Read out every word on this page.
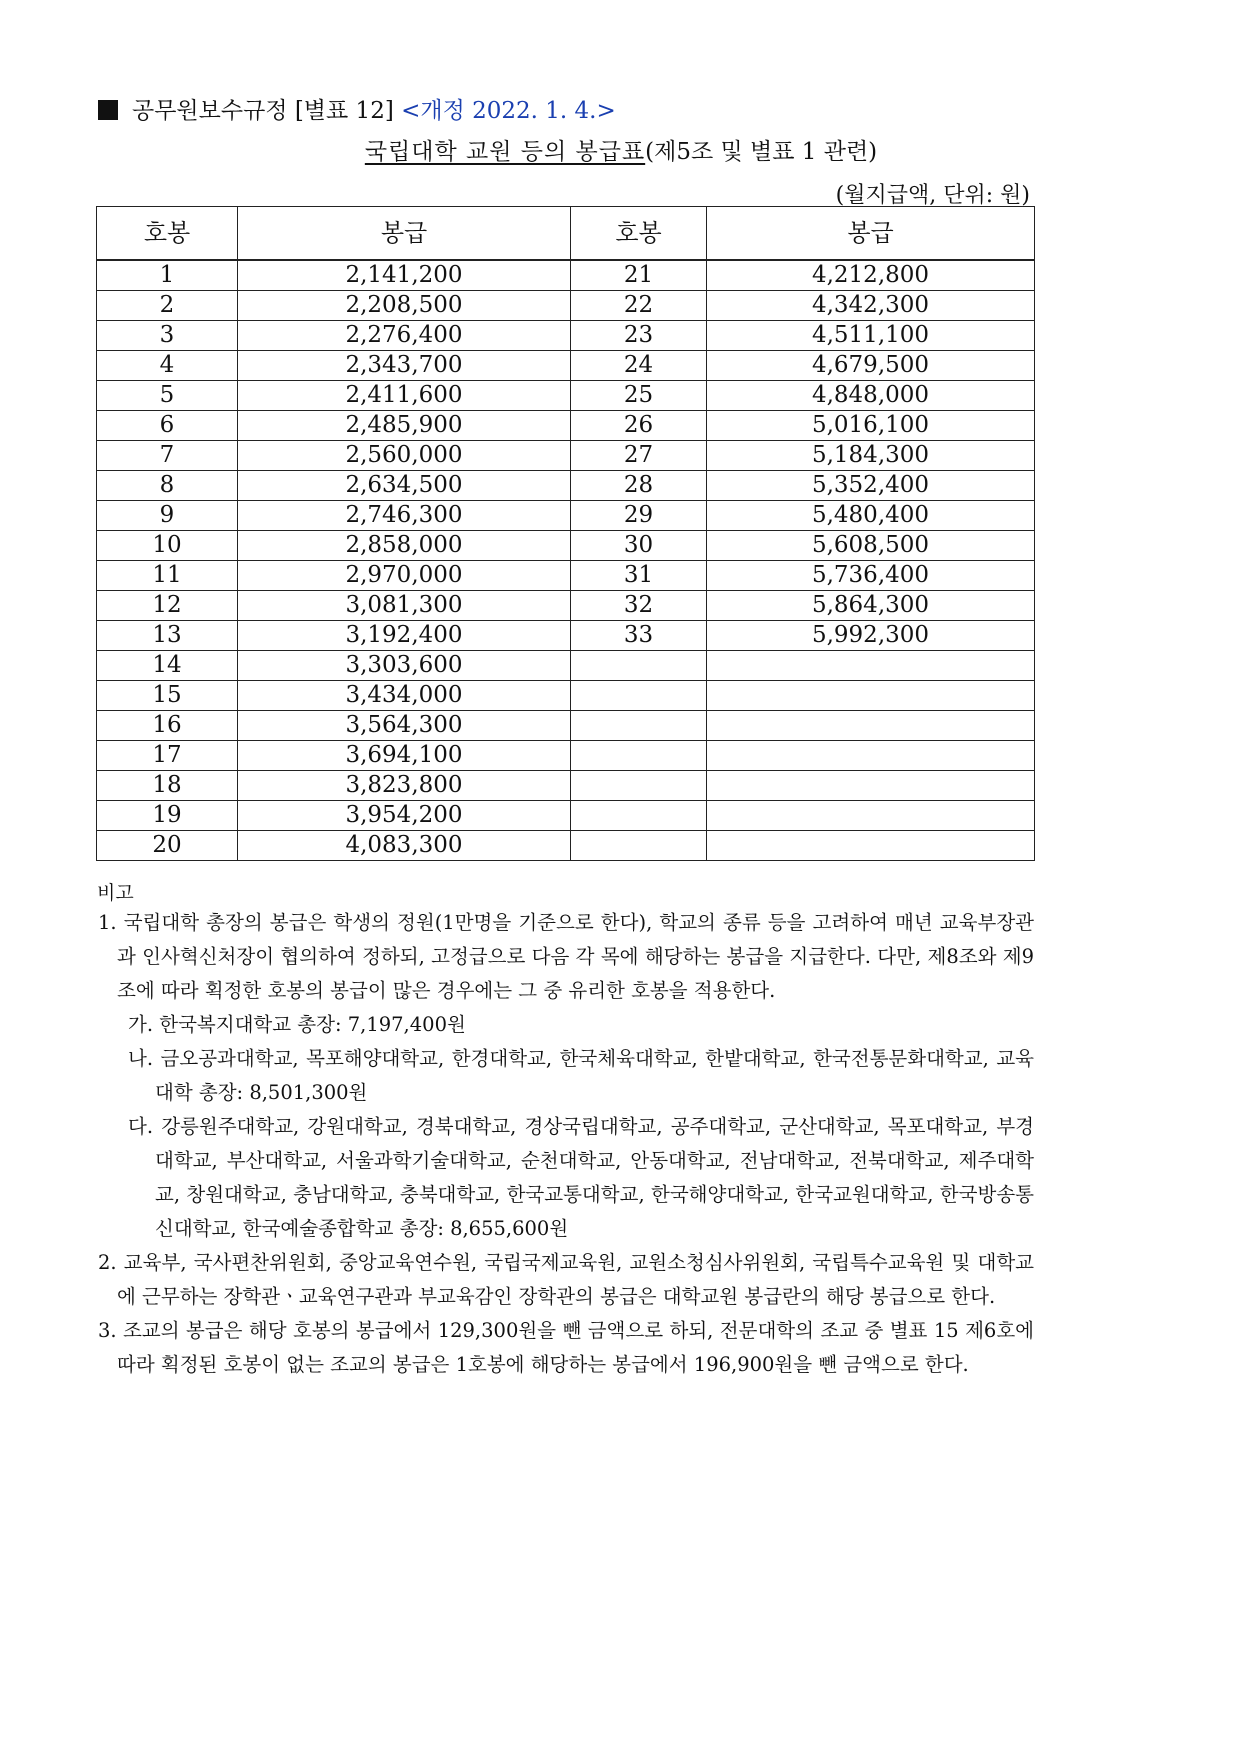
공무원보수규정 [별표 12] <개정 2022. 1. 4.>
국립대학 교원 등의 봉급표(제5조 및 별표 1 관련)
(월지급액, 단위: 원)
호봉	봉급	호봉	봉급
1	2,141,200	21	4,212,800
2	2,208,500	22	4,342,300
3	2,276,400	23	4,511,100
4	2,343,700	24	4,679,500
5	2,411,600	25	4,848,000
6	2,485,900	26	5,016,100
7	2,560,000	27	5,184,300
8	2,634,500	28	5,352,400
9	2,746,300	29	5,480,400
10	2,858,000	30	5,608,500
11	2,970,000	31	5,736,400
12	3,081,300	32	5,864,300
13	3,192,400	33	5,992,300
14	3,303,600		
15	3,434,000		
16	3,564,300		
17	3,694,100		
18	3,823,800		
19	3,954,200		
20	4,083,300		
비고
1. 국립대학 총장의 봉급은 학생의 정원(1만명을 기준으로 한다), 학교의 종류 등을 고려하여 매년 교육부장관과 인사혁신처장이 협의하여 정하되, 고정급으로 다음 각 목에 해당하는 봉급을 지급한다. 다만, 제8조와 제9조에 따라 획정한 호봉의 봉급이 많은 경우에는 그 중 유리한 호봉을 적용한다.
가. 한국복지대학교 총장: 7,197,400원
나. 금오공과대학교, 목포해양대학교, 한경대학교, 한국체육대학교, 한밭대학교, 한국전통문화대학교, 교육대학 총장: 8,501,300원
다. 강릉원주대학교, 강원대학교, 경북대학교, 경상국립대학교, 공주대학교, 군산대학교, 목포대학교, 부경대학교, 부산대학교, 서울과학기술대학교, 순천대학교, 안동대학교, 전남대학교, 전북대학교, 제주대학교, 창원대학교, 충남대학교, 충북대학교, 한국교통대학교, 한국해양대학교, 한국교원대학교, 한국방송통신대학교, 한국예술종합학교 총장: 8,655,600원
2. 교육부, 국사편찬위원회, 중앙교육연수원, 국립국제교육원, 교원소청심사위원회, 국립특수교육원 및 대학교에 근무하는 장학관ㆍ교육연구관과 부교육감인 장학관의 봉급은 대학교원 봉급란의 해당 봉급으로 한다.
3. 조교의 봉급은 해당 호봉의 봉급에서 129,300원을 뺀 금액으로 하되, 전문대학의 조교 중 별표 15 제6호에 따라 획정된 호봉이 없는 조교의 봉급은 1호봉에 해당하는 봉급에서 196,900원을 뺀 금액으로 한다.
